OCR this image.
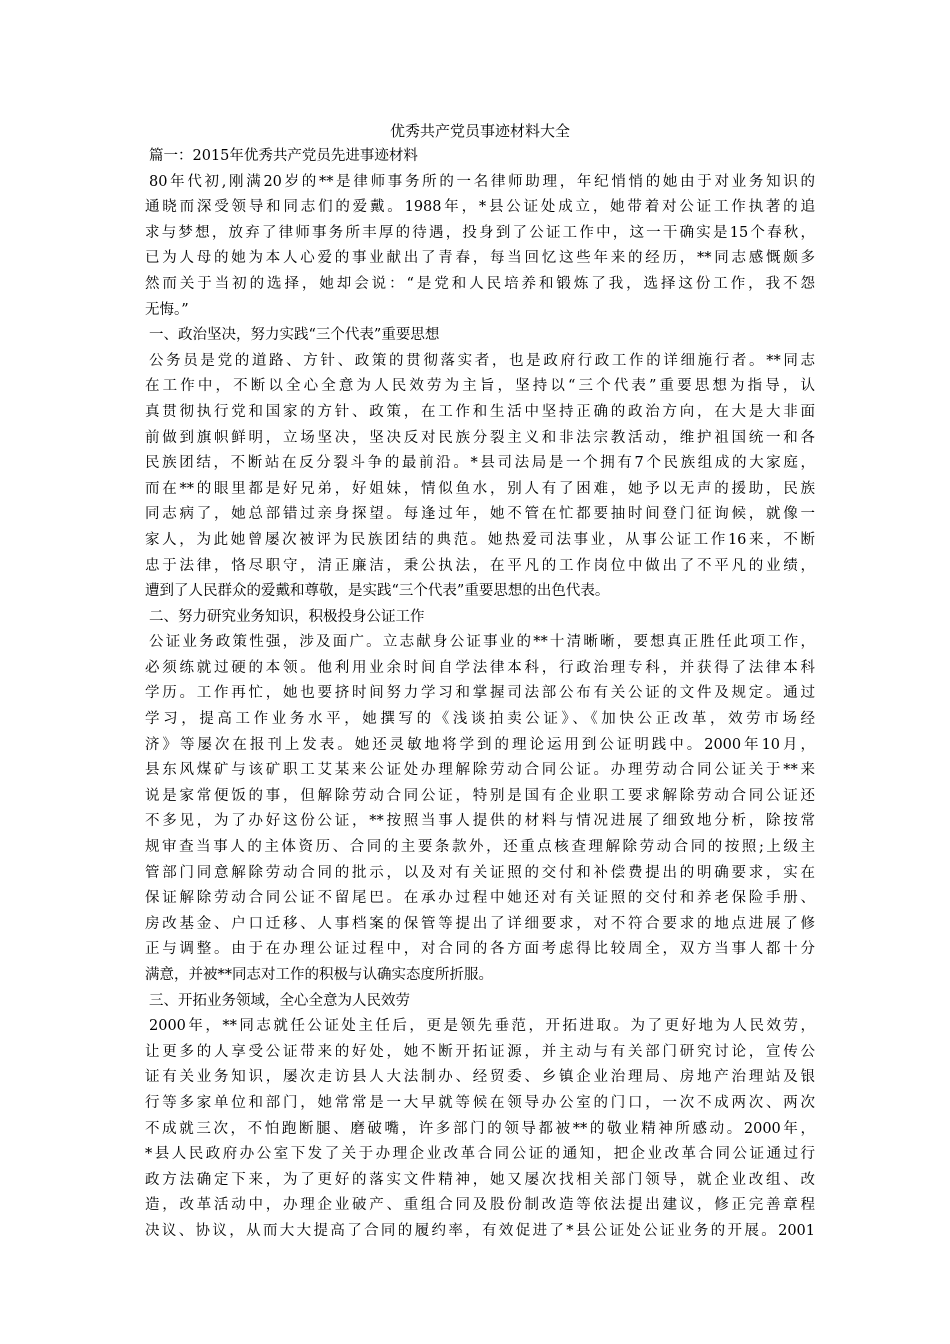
优秀共产党员事迹材料大全

篇一：2015年优秀共产党员先进事迹材料

80年代初,刚满20岁的**是律师事务所的一名律师助理，年纪悄悄的她由于对业务知识的

通晓而深受领导和同志们的爱戴。1988年，*县公证处成立，她带着对公证工作执著的追

求与梦想，放弃了律师事务所丰厚的待遇，投身到了公证工作中，这一干确实是15个春秋，

已为人母的她为本人心爱的事业献出了青春，每当回忆这些年来的经历，**同志感慨颇多

然而关于当初的选择，她却会说：“是党和人民培养和锻炼了我，选择这份工作，我不怨

无悔。”

一、政治坚决，努力实践“三个代表”重要思想

公务员是党的道路、方针、政策的贯彻落实者，也是政府行政工作的详细施行者。**同志

在工作中，不断以全心全意为人民效劳为主旨，坚持以“三个代表”重要思想为指导，认

真贯彻执行党和国家的方针、政策，在工作和生活中坚持正确的政治方向，在大是大非面

前做到旗帜鲜明，立场坚决，坚决反对民族分裂主义和非法宗教活动，维护祖国统一和各

民族团结，不断站在反分裂斗争的最前沿。*县司法局是一个拥有7个民族组成的大家庭，

而在**的眼里都是好兄弟，好姐妹，情似鱼水，别人有了困难，她予以无声的援助，民族

同志病了，她总部错过亲身探望。每逢过年，她不管在忙都要抽时间登门征询候，就像一

家人，为此她曾屡次被评为民族团结的典范。她热爱司法事业，从事公证工作16来，不断

忠于法律，恪尽职守，清正廉洁，秉公执法，在平凡的工作岗位中做出了不平凡的业绩，

遭到了人民群众的爱戴和尊敬，是实践“三个代表”重要思想的出色代表。

二、努力研究业务知识，积极投身公证工作

公证业务政策性强，涉及面广。立志献身公证事业的**十清晰晰，要想真正胜任此项工作，

必须练就过硬的本领。他利用业余时间自学法律本科，行政治理专科，并获得了法律本科

学历。工作再忙，她也要挤时间努力学习和掌握司法部公布有关公证的文件及规定。通过

学习，提高工作业务水平，她撰写的《浅谈拍卖公证》、《加快公正改革，效劳市场经

济》等屡次在报刊上发表。她还灵敏地将学到的理论运用到公证明践中。2000年10月，

县东风煤矿与该矿职工艾某来公证处办理解除劳动合同公证。办理劳动合同公证关于**来

说是家常便饭的事，但解除劳动合同公证，特别是国有企业职工要求解除劳动合同公证还

不多见，为了办好这份公证，**按照当事人提供的材料与情况进展了细致地分析，除按常

规审查当事人的主体资历、合同的主要条款外，还重点核查理解除劳动合同的按照;上级主

管部门同意解除劳动合同的批示，以及对有关证照的交付和补偿费提出的明确要求，实在

保证解除劳动合同公证不留尾巴。在承办过程中她还对有关证照的交付和养老保险手册、

房改基金、户口迁移、人事档案的保管等提出了详细要求，对不符合要求的地点进展了修

正与调整。由于在办理公证过程中，对合同的各方面考虑得比较周全，双方当事人都十分

满意，并被**同志对工作的积极与认确实态度所折服。

三、开拓业务领域，全心全意为人民效劳

2000年，**同志就任公证处主任后，更是领先垂范，开拓进取。为了更好地为人民效劳，

让更多的人享受公证带来的好处，她不断开拓证源，并主动与有关部门研究讨论，宣传公

证有关业务知识，屡次走访县人大法制办、经贸委、乡镇企业治理局、房地产治理站及银

行等多家单位和部门，她常常是一大早就等候在领导办公室的门口，一次不成两次、两次

不成就三次，不怕跑断腿、磨破嘴，许多部门的领导都被**的敬业精神所感动。2000年，

*县人民政府办公室下发了关于办理企业改革合同公证的通知，把企业改革合同公证通过行

政方法确定下来，为了更好的落实文件精神，她又屡次找相关部门领导，就企业改组、改

造，改革活动中，办理企业破产、重组合同及股份制改造等依法提出建议，修正完善章程

决议、协议，从而大大提高了合同的履约率，有效促进了*县公证处公证业务的开展。2001
